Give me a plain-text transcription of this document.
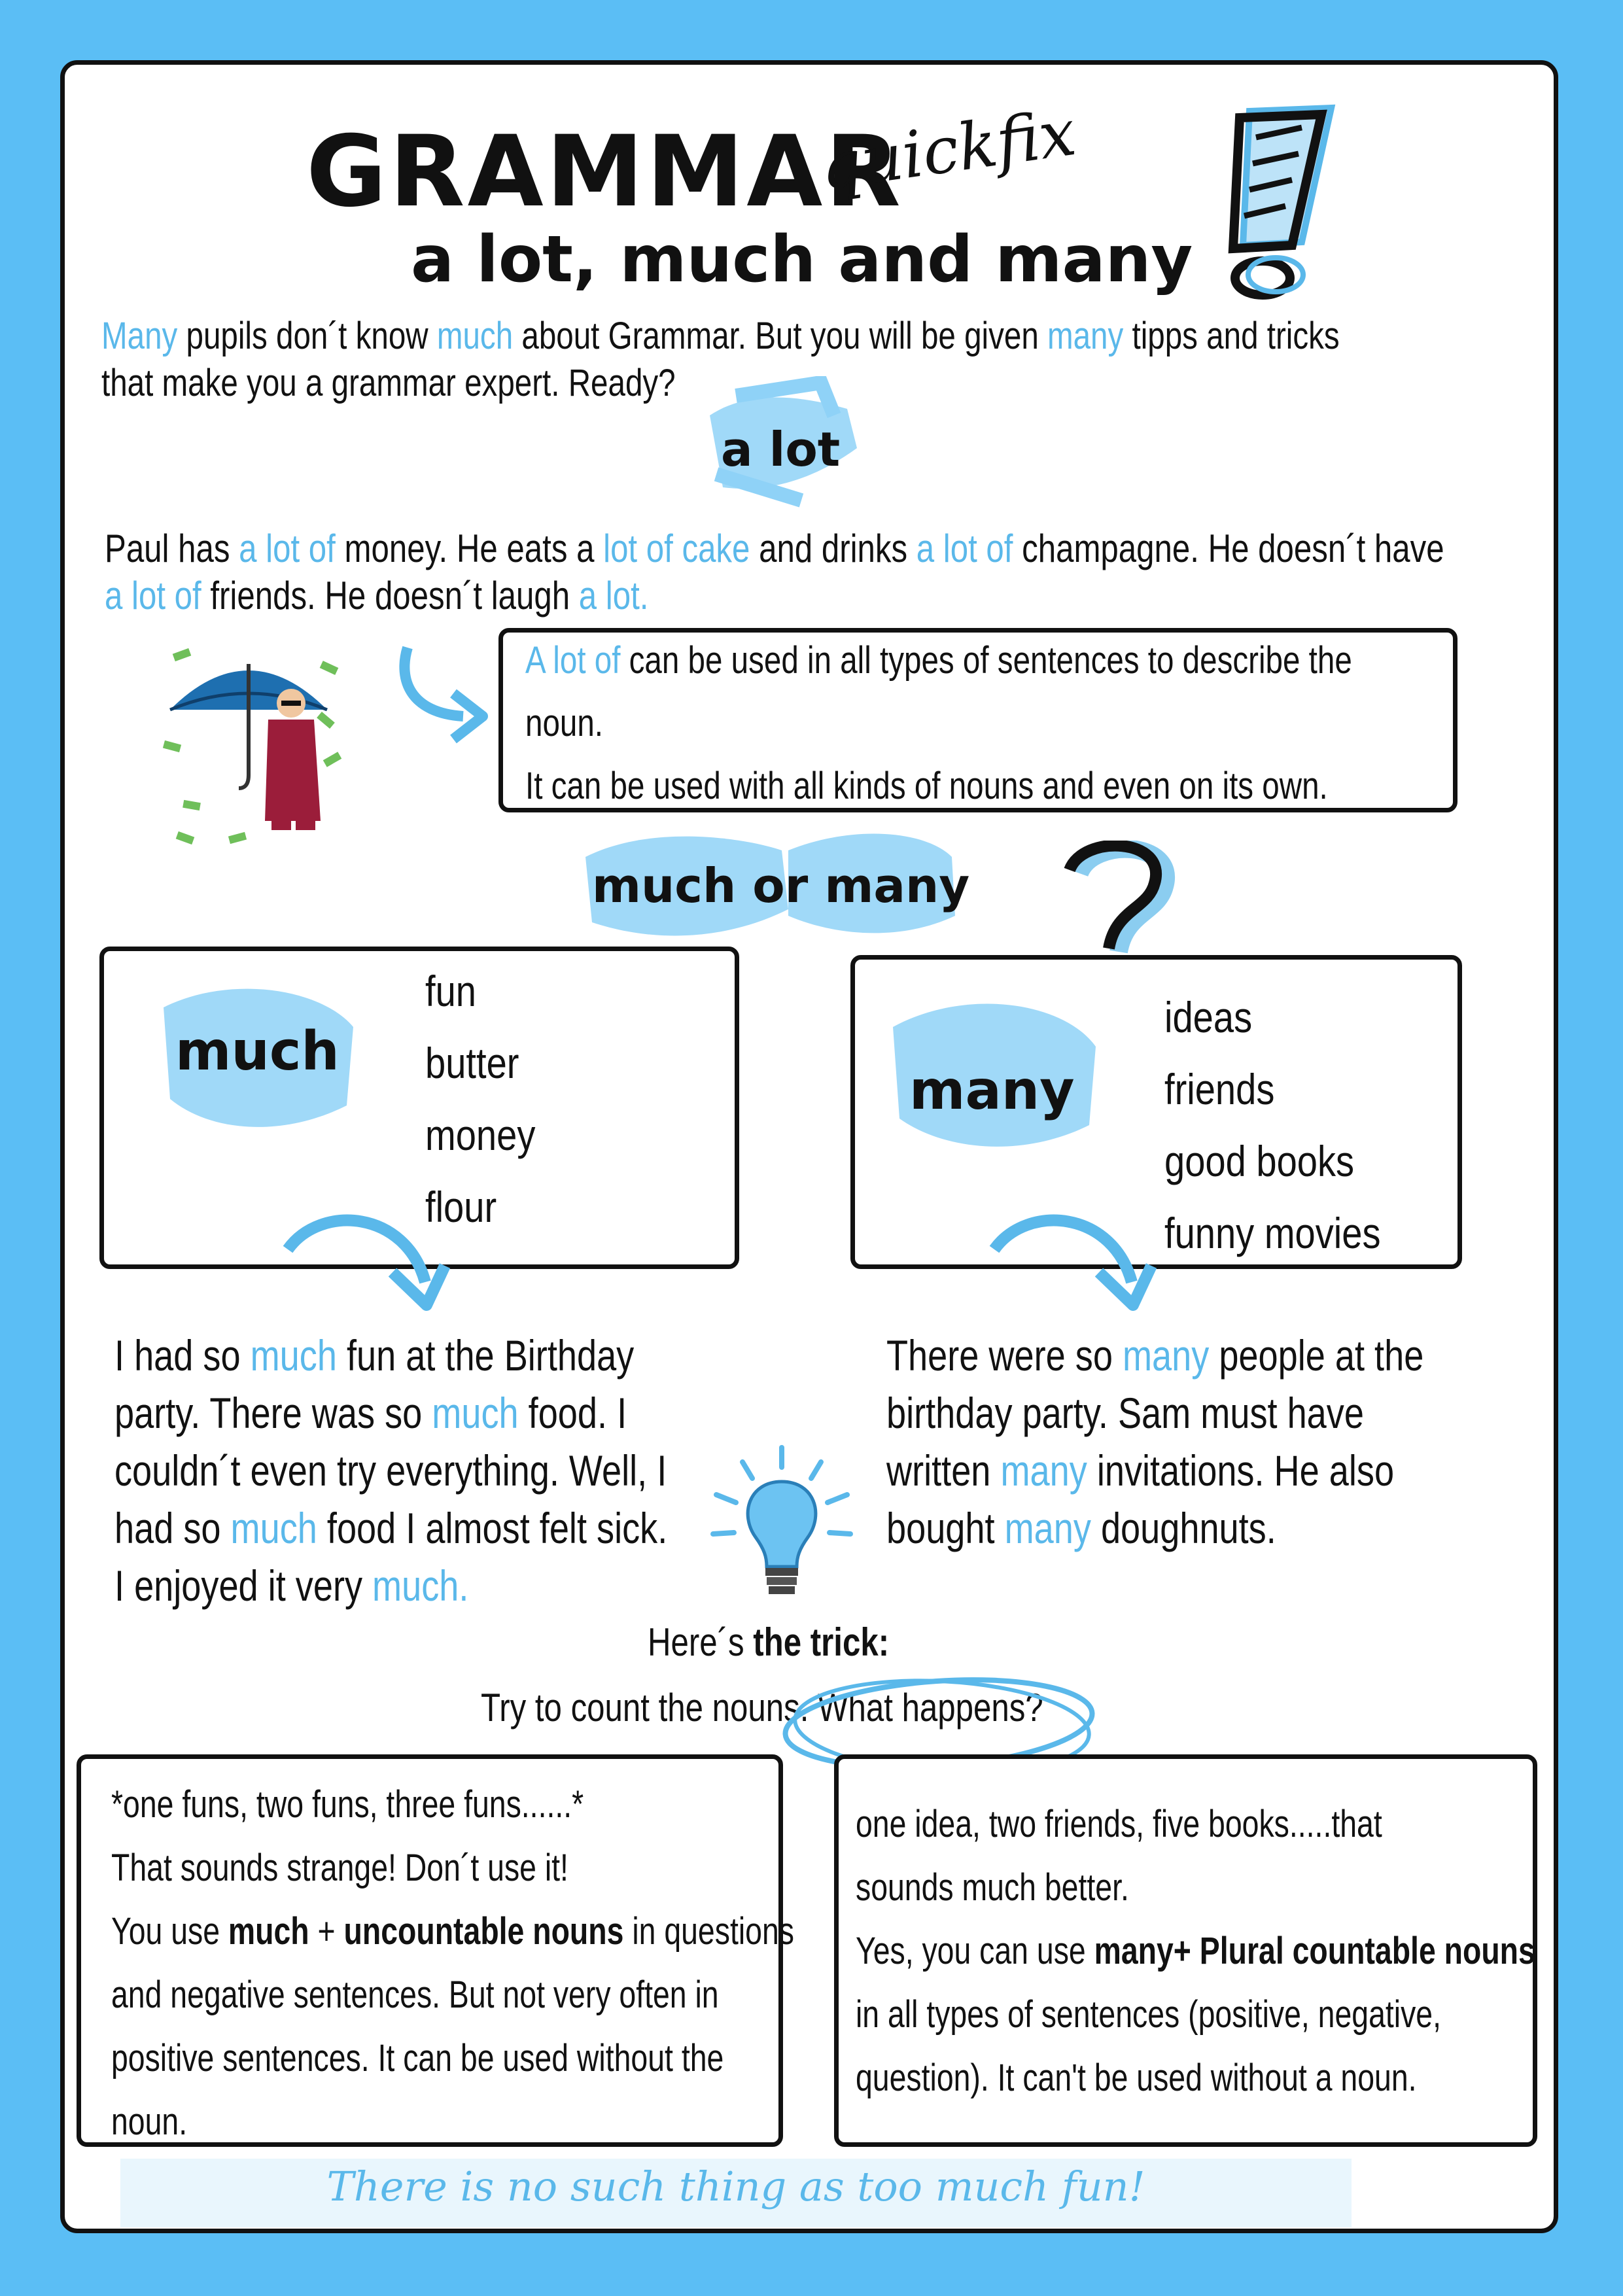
GRAMMAR
quickfix
a lot, much and many
Many pupils don´t know much about Grammar. But you will be given many tipps and tricks
that make you a grammar expert. Ready?
a lot
Paul has a lot of money. He eats a lot of cake and drinks a lot of champagne. He doesn´t have
a lot of friends. He doesn´t laugh a lot.
A lot of can be used in all types of sentences to describe the
noun.
It can be used with all kinds of nouns and even on its own.
much or many
much
fun
butter
money
flour
many
ideas
friends
good books
funny movies
I had so much fun at the Birthday
party. There was so much food. I
couldn´t even try everything. Well, I
had so much food I almost felt sick.
I enjoyed it very much.
There were so many people at the
birthday party. Sam must have
written many invitations. He also
bought many doughnuts.
Here´s the trick:
Try to count the nouns. What happens?
*one funs, two funs, three funs......*
That sounds strange! Don´t use it!
You use much + uncountable nouns in questions
and negative sentences. But not very often in
positive sentences. It can be used without the
noun.
one idea, two friends, five books.....that
sounds much better.
Yes, you can use many+ Plural countable nouns
in all types of sentences (positive, negative,
question). It can't be used without a noun.
There is no such thing as too much fun!
